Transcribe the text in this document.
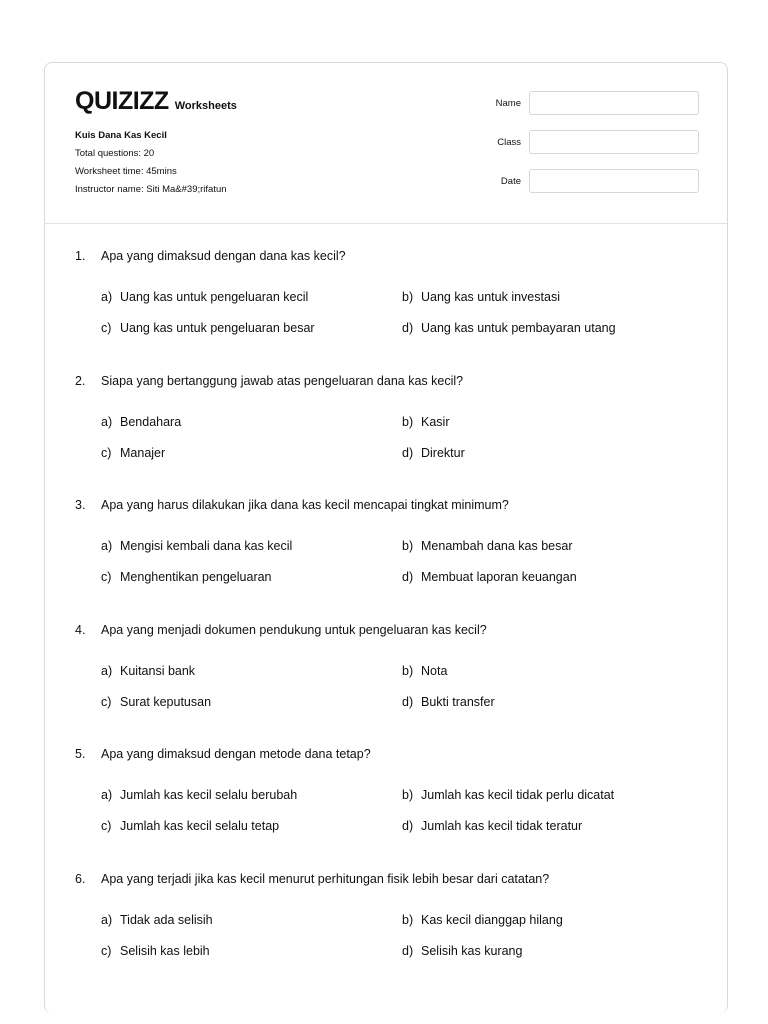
QUIZIZZ Worksheets
Kuis Dana Kas Kecil
Total questions: 20
Worksheet time: 45mins
Instructor name: Siti Ma&#39;rifatun
Name
Class
Date
1.	Apa yang dimaksud dengan dana kas kecil?
a) Uang kas untuk pengeluaran kecil	b) Uang kas untuk investasi
c) Uang kas untuk pengeluaran besar	d) Uang kas untuk pembayaran utang
2.	Siapa yang bertanggung jawab atas pengeluaran dana kas kecil?
a) Bendahara	b) Kasir
c) Manajer	d) Direktur
3.	Apa yang harus dilakukan jika dana kas kecil mencapai tingkat minimum?
a) Mengisi kembali dana kas kecil	b) Menambah dana kas besar
c) Menghentikan pengeluaran	d) Membuat laporan keuangan
4.	Apa yang menjadi dokumen pendukung untuk pengeluaran kas kecil?
a) Kuitansi bank	b) Nota
c) Surat keputusan	d) Bukti transfer
5.	Apa yang dimaksud dengan metode dana tetap?
a) Jumlah kas kecil selalu berubah	b) Jumlah kas kecil tidak perlu dicatat
c) Jumlah kas kecil selalu tetap	d) Jumlah kas kecil tidak teratur
6.	Apa yang terjadi jika kas kecil menurut perhitungan fisik lebih besar dari catatan?
a) Tidak ada selisih	b) Kas kecil dianggap hilang
c) Selisih kas lebih	d) Selisih kas kurang
